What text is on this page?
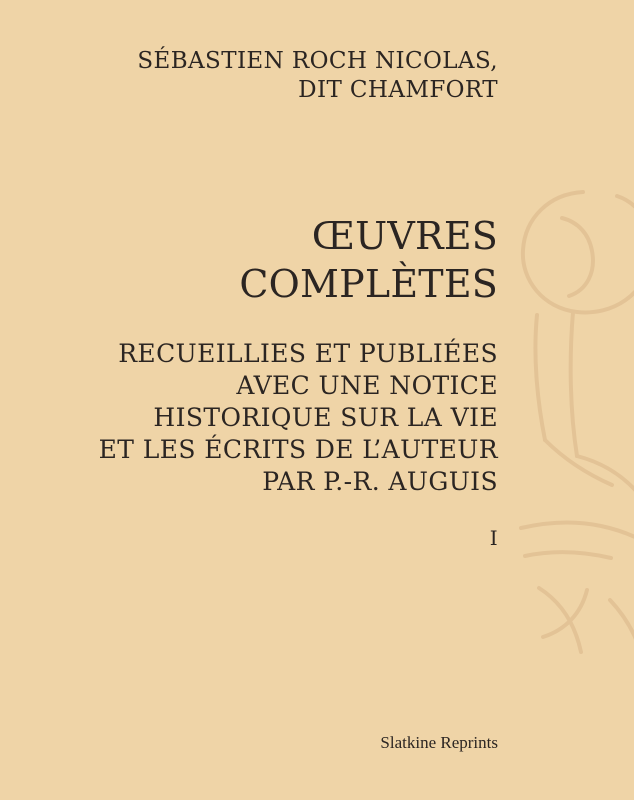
SÉBASTIEN ROCH NICOLAS,
DIT CHAMFORT
ŒUVRES
COMPLÈTES
RECUEILLIES ET PUBLIÉES
AVEC UNE NOTICE
HISTORIQUE SUR LA VIE
ET LES ÉCRITS DE L’AUTEUR
PAR P.-R. AUGUIS
I

Slatkine Reprints
